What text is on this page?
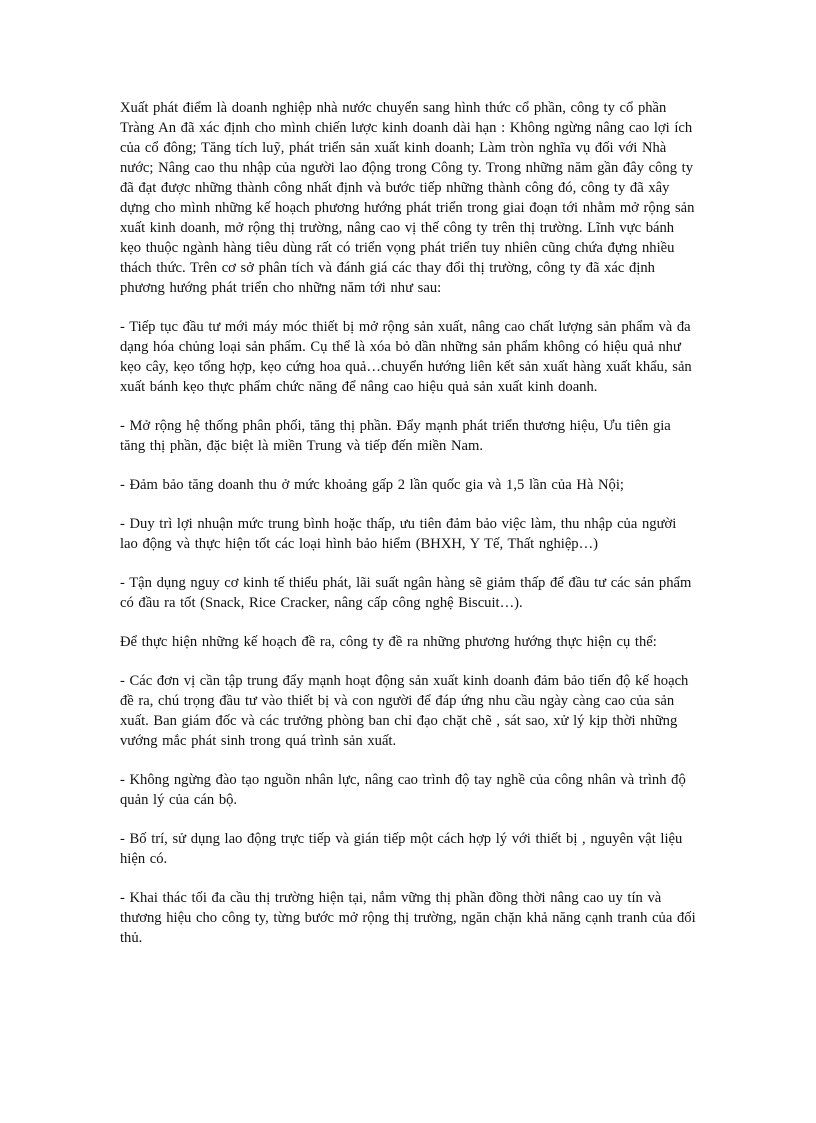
Xuất phát điểm là doanh nghiệp nhà nước chuyển sang hình thức cổ phần, công ty cổ phần Tràng An đã xác định cho mình chiến lược kinh doanh dài hạn : Không ngừng nâng cao lợi ích của cổ đông; Tăng tích luỹ, phát triển sản xuất kinh doanh; Làm tròn nghĩa vụ đối với Nhà nước; Nâng cao thu nhập của người lao động trong Công ty. Trong những năm gần đây công ty đã đạt được những thành công nhất định và bước tiếp những thành công đó, công ty đã xây dựng cho mình những kế hoạch phương hướng phát triển trong giai đoạn tới nhằm mở rộng sản xuất kinh doanh, mở rộng thị trường, nâng cao vị thế công ty trên thị trường. Lĩnh vực bánh kẹo thuộc ngành hàng tiêu dùng rất có triển vọng phát triển tuy nhiên cũng chứa đựng nhiều thách thức. Trên cơ sở phân tích và đánh giá các thay đổi thị trường, công ty đã xác định phương hướng phát triển cho những năm tới như sau:

- Tiếp tục đầu tư mới máy móc thiết bị mở rộng sản xuất, nâng cao chất lượng sản phẩm và đa dạng hóa chủng loại sản phẩm. Cụ thể là xóa bỏ dần những sản phẩm không có hiệu quả như kẹo cây, kẹo tổng hợp, kẹo cứng hoa quả…chuyển hướng liên kết sản xuất hàng xuất khẩu, sản xuất bánh kẹo thực phẩm chức năng để nâng cao hiệu quả sản xuất kinh doanh.

- Mở rộng hệ thống phân phối, tăng thị phần. Đẩy mạnh phát triển thương hiệu, Ưu tiên gia tăng thị phần, đặc biệt là miền Trung và tiếp đến miền Nam.

- Đảm bảo tăng doanh thu ở mức khoảng gấp 2 lần quốc gia và 1,5 lần của Hà Nội;

- Duy trì lợi nhuận mức trung bình hoặc thấp, ưu tiên đảm bảo việc làm, thu nhập của người lao động và thực hiện tốt các loại hình bảo hiểm (BHXH, Y Tế, Thất nghiệp…)

- Tận dụng nguy cơ kinh tế thiểu phát, lãi suất ngân hàng sẽ giảm thấp để đầu tư các sản phẩm có đầu ra tốt (Snack, Rice Cracker, nâng cấp công nghệ Biscuit…).

Để thực hiện những kế hoạch đề ra, công ty đề ra những phương hướng thực hiện cụ thể:

- Các đơn vị cần tập trung đẩy mạnh hoạt động sản xuất kinh doanh đảm bảo tiến độ kế hoạch đề ra, chú trọng đầu tư vào thiết bị và con người để đáp ứng nhu cầu ngày càng cao của sản xuất. Ban giám đốc và các trưởng phòng ban chỉ đạo chặt chẽ , sát sao, xử lý kịp thời những vướng mắc phát sinh trong quá trình sản xuất.

- Không ngừng đào tạo nguồn nhân lực, nâng cao trình độ tay nghề của công nhân và trình độ quản lý của cán bộ.

- Bố trí, sử dụng lao động trực tiếp và gián tiếp một cách hợp lý với thiết bị , nguyên vật liệu hiện có.

- Khai thác tối đa cầu thị trường hiện tại, nắm vững thị phần đồng thời nâng cao uy tín và thương hiệu cho công ty, từng bước mở rộng thị trường, ngăn chặn khả năng cạnh tranh của đối thủ.
